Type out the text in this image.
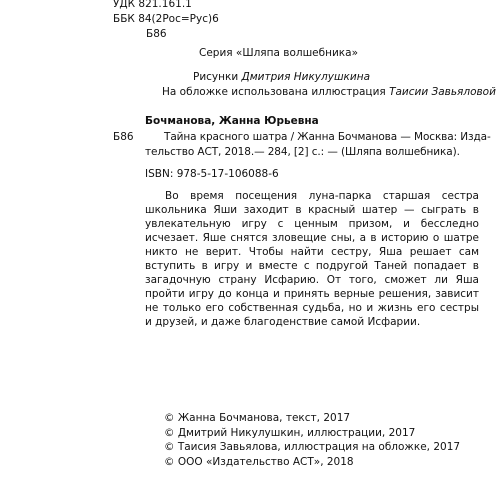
УДК 821.161.1
ББК 84(2Рос=Рус)6
Б86
Серия «Шляпа волшебника»
Рисунки Дмитрия Никулушкина
На обложке использована иллюстрация Таисии Завьяловой
Бочманова, Жанна Юрьевна
Б86	Тайна красного шатра / Жанна Бочманова — Москва: Изда-
тельство АСТ, 2018.— 284, [2] с.: — (Шляпа волшебника).
ISBN: 978-5-17-106088-6
Во время посещения луна-парка старшая сестра школьника Яши заходит в красный шатер — сыграть в увлекательную игру с ценным призом, и бесследно исчезает. Яше снятся зловещие сны, а в историю о шатре никто не верит. Чтобы найти сестру, Яша решает сам вступить в игру и вместе с подругой Таней попадает в загадочную страну Исфарию. От того, сможет ли Яша пройти игру до конца и принять верные решения, зависит не только его собственная судьба, но и жизнь его сестры и друзей, и даже благоденствие самой Исфарии.
© Жанна Бочманова, текст, 2017
© Дмитрий Никулушкин, иллюстрации, 2017
© Таисия Завьялова, иллюстрация на обложке, 2017
© ООО «Издательство АСТ», 2018
